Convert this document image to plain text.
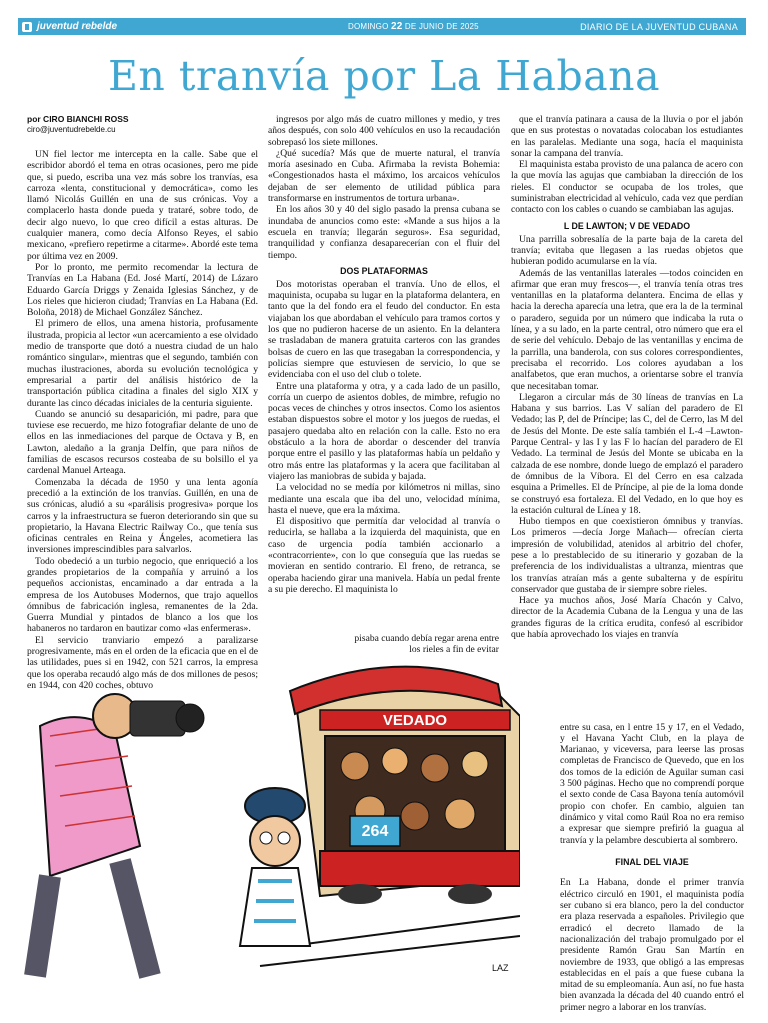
juventud rebelde	DOMINGO 22 DE JUNIO DE 2025	DIARIO DE LA JUVENTUD CUBANA
En tranvía por La Habana
por CIRO BIANCHI ROSS
ciro@juventudrebelde.cu

UN fiel lector me intercepta en la calle. Sabe que el escribidor abordó el tema en otras ocasiones, pero me pide que, si puedo, escriba una vez más sobre los tranvías, esa carroza «lenta, constitucional y democrática», como les llamó Nicolás Guillén en una de sus crónicas. Voy a complacerlo hasta donde pueda y trataré, sobre todo, de decir algo nuevo, lo que creo difícil a estas alturas. De cualquier manera, como decía Alfonso Reyes, el sabio mexicano, «prefiero repetirme a citarme». Abordé este tema por última vez en 2009.

Por lo pronto, me permito recomendar la lectura de Tranvías en La Habana (Ed. José Martí, 2014) de Lázaro Eduardo García Driggs y Zenaida Iglesias Sánchez, y de Los rieles que hicieron ciudad; Tranvías en La Habana (Ed. Boloña, 2018) de Michael González Sánchez.

El primero de ellos, una amena historia, profusamente ilustrada, propicia al lector «un acercamiento a ese olvidado medio de transporte que dotó a nuestra ciudad de un halo romántico singular», mientras que el segundo, también con muchas ilustraciones, aborda su evolución tecnológica y empresarial a partir del análisis histórico de la transportación pública citadina a finales del siglo XIX y durante las cinco décadas iniciales de la centuria siguiente.

Cuando se anunció su desaparición, mi padre, para que tuviese ese recuerdo, me hizo fotografiar delante de uno de ellos en las inmediaciones del parque de Octava y B, en Lawton, aledaño a la granja Delfín, que para niños de familias de escasos recursos costeaba de su bolsillo el ya cardenal Manuel Arteaga.

Comenzaba la década de 1950 y una lenta agonía precedió a la extinción de los tranvías. Guillén, en una de sus crónicas, aludió a su «parálisis progresiva» porque los carros y la infraestructura se fueron deteriorando sin que su propietario, la Havana Electric Railway Co., que tenía sus oficinas centrales en Reina y Ángeles, acometiera las inversiones imprescindibles para salvarlos.

Todo obedeció a un turbio negocio, que enriqueció a los grandes propietarios de la compañía y arruinó a los pequeños accionistas, encaminado a dar entrada a la empresa de los Autobuses Modernos, que trajo aquellos ómnibus de fabricación inglesa, remanentes de la 2da. Guerra Mundial y pintados de blanco a los que los habaneros no tardaron en bautizar como «las enfermeras».

El servicio tranviario empezó a paralizarse progresivamente, más en el orden de la eficacia que en el de las utilidades, pues si en 1942, con 521 carros, la empresa que los operaba recaudó algo más de dos millones de pesos; en 1944, con 420 coches, obtuvo

ingresos por algo más de cuatro millones y medio, y tres años después, con solo 400 vehículos en uso la recaudación sobrepasó los siete millones.

¿Qué sucedía? Más que de muerte natural, el tranvía moría asesinado en Cuba. Afirmaba la revista Bohemia: «Congestionados hasta el máximo, los arcaicos vehículos dejaban de ser elemento de utilidad pública para transformarse en instrumentos de tortura urbana».

En los años 30 y 40 del siglo pasado la prensa cubana se inundaba de anuncios como este: «Mande a sus hijos a la escuela en tranvía; llegarán seguros». Esa seguridad, tranquilidad y confianza desaparecerían con el fluir del tiempo.

DOS PLATAFORMAS

Dos motoristas operaban el tranvía. Uno de ellos, el maquinista, ocupaba su lugar en la plataforma delantera, en tanto que la del fondo era el feudo del conductor. En esta viajaban los que abordaban el vehículo para tramos cortos y los que no pudieron hacerse de un asiento. En la delantera se trasladaban de manera gratuita carteros con las grandes bolsas de cuero en las que trasegaban la correspondencia, y policías siempre que estuviesen de servicio, lo que se evidenciaba con el uso del club o tolete.

Entre una plataforma y otra, y a cada lado de un pasillo, corría un cuerpo de asientos dobles, de mimbre, refugio no pocas veces de chinches y otros insectos. Como los asientos estaban dispuestos sobre el motor y los juegos de ruedas, el pasajero quedaba alto en relación con la calle. Esto no era obstáculo a la hora de abordar o descender del tranvía porque entre el pasillo y las plataformas había un peldaño y otro más entre las plataformas y la acera que facilitaban al viajero las maniobras de subida y bajada.

La velocidad no se medía por kilómetros ni millas, sino mediante una escala que iba del uno, velocidad mínima, hasta el nueve, que era la máxima.

El dispositivo que permitía dar velocidad al tranvía o reducirla, se hallaba a la izquierda del maquinista, que en caso de urgencia podía también accionarlo a «contracorriente», con lo que conseguía que las ruedas se movieran en sentido contrario. El freno, de retranca, se operaba haciendo girar una manivela. Había un pedal frente a su pie derecho. El maquinista lo

pisaba cuando debía regar arena entre
los rieles a fin de evitar

que el tranvía patinara a causa de la lluvia o por el jabón que en sus protestas o novatadas colocaban los estudiantes en las paralelas. Mediante una soga, hacía el maquinista sonar la campana del tranvía.

El maquinista estaba provisto de una palanca de acero con la que movía las agujas que cambiaban la dirección de los rieles. El conductor se ocupaba de los troles, que suministraban electricidad al vehículo, cada vez que perdían contacto con los cables o cuando se cambiaban las agujas.

L DE LAWTON; V DE VEDADO

Una parrilla sobresalía de la parte baja de la careta del tranvía; evitaba que llegasen a las ruedas objetos que hubieran podido acumularse en la vía.

Además de las ventanillas laterales —todos coinciden en afirmar que eran muy frescos—, el tranvía tenía otras tres ventanillas en la plataforma delantera. Encima de ellas y hacia la derecha aparecía una letra, que era la de la terminal o paradero, seguida por un número que indicaba la ruta o línea, y a su lado, en la parte central, otro número que era el de serie del vehículo. Debajo de las ventanillas y encima de la parrilla, una banderola, con sus colores correspondientes, precisaba el recorrido. Los colores ayudaban a los analfabetos, que eran muchos, a orientarse sobre el tranvía que necesitaban tomar.

Llegaron a circular más de 30 líneas de tranvías en La Habana y sus barrios. Las V salían del paradero de El Vedado; las P, del de Príncipe; las C, del de Cerro, las M del de Jesús del Monte. De este salía también el L-4 –Lawton-Parque Central- y las I y las F lo hacían del paradero de El Vedado. La terminal de Jesús del Monte se ubicaba en la calzada de ese nombre, donde luego de emplazó el paradero de ómnibus de la Víbora. El del Cerro en esa calzada esquina a Primelles. El de Príncipe, al pie de la loma donde se construyó esa fortaleza. El del Vedado, en lo que hoy es la estación cultural de Línea y 18.

Hubo tiempos en que coexistieron ómnibus y tranvías. Los primeros —decía Jorge Mañach— ofrecían cierta impresión de volubilidad, atenidos al arbitrio del chofer, pese a lo prestablecido de su itinerario y gozaban de la preferencia de los individualistas a ultranza, mientras que los tranvías atraían más a gente subalterna y de espíritu conservador que gustaba de ir siempre sobre rieles.

Hace ya muchos años, José María Chacón y Calvo, director de la Academia Cubana de la Lengua y una de las grandes figuras de la crítica erudita, confesó al escribidor que había aprovechado los viajes en tranvía

entre su casa, en l entre 15 y 17, en el Vedado, y el Havana Yacht Club, en la playa de Marianao, y viceversa, para leerse las prosas completas de Francisco de Quevedo, que en los dos tomos de la edición de Aguilar suman casi 3 500 páginas. Hecho que no comprendí porque el sexto conde de Casa Bayona tenía automóvil propio con chofer. En cambio, alguien tan dinámico y vital como Raúl Roa no era remiso a expresar que siempre prefirió la guagua al tranvía y la pelambre descubierta al sombrero.

FINAL DEL VIAJE

En La Habana, donde el primer tranvía eléctrico circuló en 1901, el maquinista podía ser cubano si era blanco, pero la del conductor era plaza reservada a españoles. Privilegio que erradicó el decreto llamado de la nacionalización del trabajo promulgado por el presidente Ramón Grau San Martín en noviembre de 1933, que obligó a las empresas establecidas en el país a que fuese cubana la mitad de su empleomanía. Aun así, no fue hasta bien avanzada la década del 40 cuando entró el primer negro a laborar en los tranvías.

VEDADO
264
LAZ
